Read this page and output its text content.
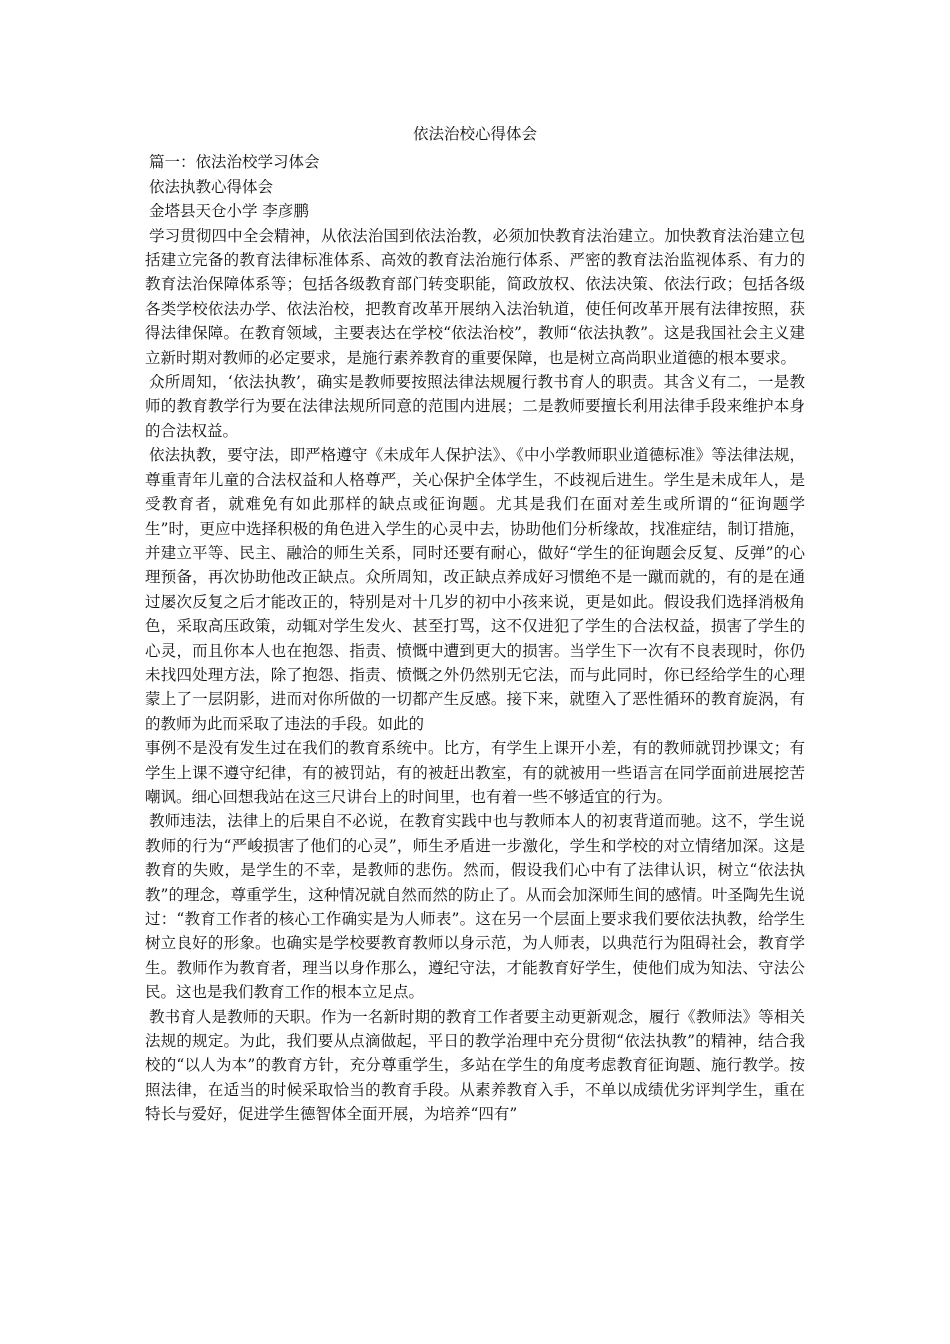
依法治校心得体会

篇一：依法治校学习体会

依法执教心得体会

金塔县天仓小学 李彦鹏

学习贯彻四中全会精神，从依法治国到依法治教，必须加快教育法治建立。加快教育法治建立包括建立完备的教育法律标准体系、高效的教育法治施行体系、严密的教育法治监视体系、有力的教育法治保障体系等；包括各级教育部门转变职能，简政放权、依法决策、依法行政；包括各级各类学校依法办学、依法治校，把教育改革开展纳入法治轨道，使任何改革开展有法律按照，获得法律保障。在教育领域，主要表达在学校“依法治校”，教师“依法执教”。这是我国社会主义建立新时期对教师的必定要求，是施行素养教育的重要保障，也是树立高尚职业道德的根本要求。

众所周知，‘依法执教’，确实是教师要按照法律法规履行教书育人的职责。其含义有二，一是教师的教育教学行为要在法律法规所同意的范围内进展；二是教师要擅长利用法律手段来维护本身的合法权益。

依法执教，要守法，即严格遵守《未成年人保护法》、《中小学教师职业道德标准》等法律法规，尊重青年儿童的合法权益和人格尊严，关心保护全体学生，不歧视后进生。学生是未成年人，是受教育者，就难免有如此那样的缺点或征询题。尤其是我们在面对差生或所谓的“征询题学生”时，更应中选择积极的角色进入学生的心灵中去，协助他们分析缘故，找准症结，制订措施，并建立平等、民主、融洽的师生关系，同时还要有耐心，做好“学生的征询题会反复、反弹”的心理预备，再次协助他改正缺点。众所周知，改正缺点养成好习惯绝不是一蹴而就的，有的是在通过屡次反复之后才能改正的，特别是对十几岁的初中小孩来说，更是如此。假设我们选择消极角色，采取高压政策，动辄对学生发火、甚至打骂，这不仅进犯了学生的合法权益，损害了学生的心灵，而且你本人也在抱怨、指责、愤慨中遭到更大的损害。当学生下一次有不良表现时，你仍未找四处理方法，除了抱怨、指责、愤慨之外仍然别无它法，而与此同时，你已经给学生的心理蒙上了一层阴影，进而对你所做的一切都产生反感。接下来，就堕入了恶性循环的教育旋涡，有的教师为此而采取了违法的手段。如此的

事例不是没有发生过在我们的教育系统中。比方，有学生上课开小差，有的教师就罚抄课文；有学生上课不遵守纪律，有的被罚站，有的被赶出教室，有的就被用一些语言在同学面前进展挖苦嘲讽。细心回想我站在这三尺讲台上的时间里，也有着一些不够适宜的行为。

教师违法，法律上的后果自不必说，在教育实践中也与教师本人的初衷背道而驰。这不，学生说教师的行为“严峻损害了他们的心灵”，师生矛盾进一步激化，学生和学校的对立情绪加深。这是教育的失败，是学生的不幸，是教师的悲伤。然而，假设我们心中有了法律认识，树立“依法执教”的理念，尊重学生，这种情况就自然而然的防止了。从而会加深师生间的感情。叶圣陶先生说过：“教育工作者的核心工作确实是为人师表”。这在另一个层面上要求我们要依法执教，给学生树立良好的形象。也确实是学校要教育教师以身示范，为人师表，以典范行为阻碍社会，教育学生。教师作为教育者，理当以身作那么，遵纪守法，才能教育好学生，使他们成为知法、守法公民。这也是我们教育工作的根本立足点。

教书育人是教师的天职。作为一名新时期的教育工作者要主动更新观念，履行《教师法》等相关法规的规定。为此，我们要从点滴做起，平日的教学治理中充分贯彻“依法执教”的精神，结合我校的“以人为本”的教育方针，充分尊重学生，多站在学生的角度考虑教育征询题、施行教学。按照法律，在适当的时候采取恰当的教育手段。从素养教育入手，不单以成绩优劣评判学生，重在特长与爱好，促进学生德智体全面开展，为培养“四有”
